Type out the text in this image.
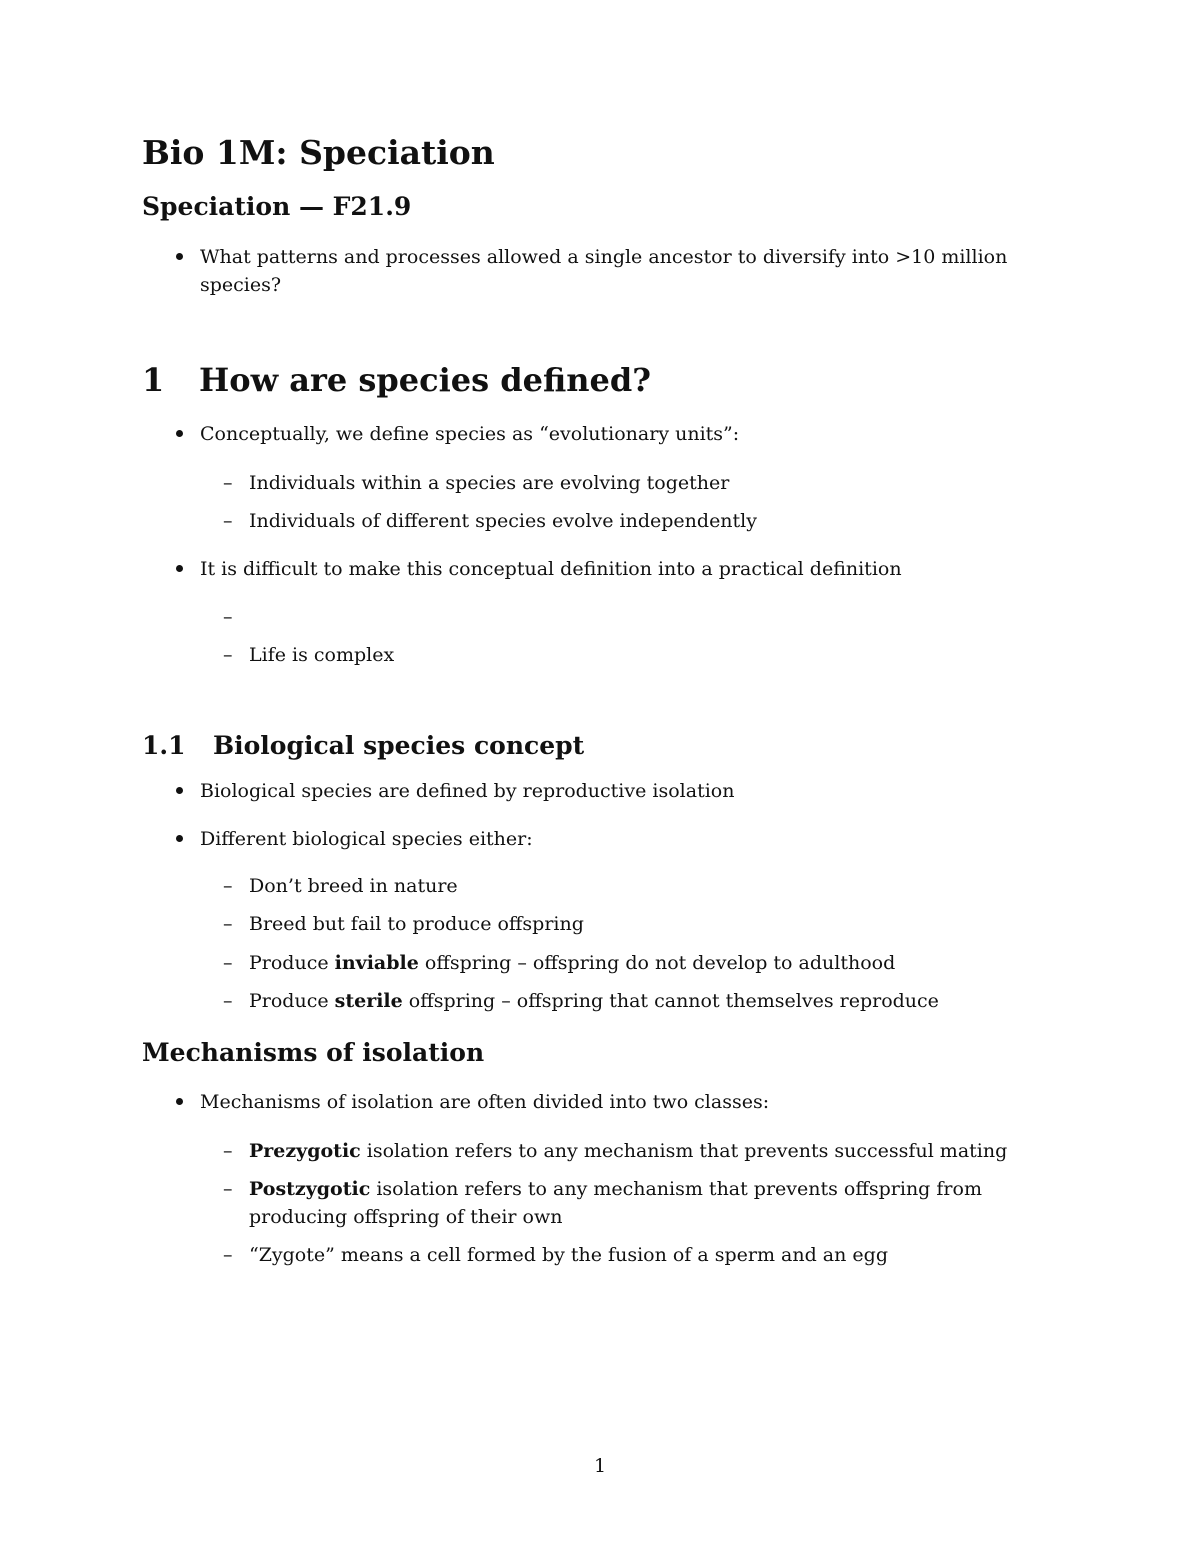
Bio 1M: Speciation
Speciation — F21.9
What patterns and processes allowed a single ancestor to diversify into >10 million species?
1 How are species defined?
Conceptually, we define species as “evolutionary units”:
– Individuals within a species are evolving together
– Individuals of different species evolve independently
It is difficult to make this conceptual definition into a practical definition
–
– Life is complex
1.1 Biological species concept
Biological species are defined by reproductive isolation
Different biological species either:
– Don’t breed in nature
– Breed but fail to produce offspring
– Produce inviable offspring – offspring do not develop to adulthood
– Produce sterile offspring – offspring that cannot themselves reproduce
Mechanisms of isolation
Mechanisms of isolation are often divided into two classes:
– Prezygotic isolation refers to any mechanism that prevents successful mating
– Postzygotic isolation refers to any mechanism that prevents offspring from producing offspring of their own
– “Zygote” means a cell formed by the fusion of a sperm and an egg
1
